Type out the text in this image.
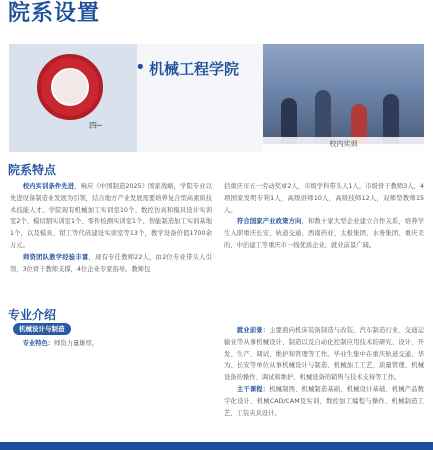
院系设置
四─
• 机械工程学院
校内实训
院系特点

　　校内实训条件先进，响应《中国制造2025》国家战略，学院专业以先进设备制造业发展为引领，结合地方产业发展需要培养复合型高素质技术技能人才。学院现有机械加工实训室10个、数控仿真和模具设计实训室2个、模切割实训室1个、零件检测实训室1个、智能制造加工实训基地1个，以及模具、钳工等代码建设实训室等13个，教学设备价值1700余万元。

　　师资团队教学经验丰富，现有专任教师22人，由2位专业带头人引领，3位骨干教师支撑，4位企业专家指导。教师包

括重庆市五一劳动奖章2人，市级学科带头人1人，市级骨干教师3人，4项国家发明专利1人，高级讲师10人，高级技师12人，双师型教师15人。

　　符合国家产业政策方向，和数十家大型企业建立合作关系，培养学生入职重庆长安、轨道交通、西南药业、太极集团、水务集团、重庆美的、中治建工等重庆市一线优质企业，就业前景广阔。

专业介绍
机械设计与制造

　　专业特色：师资力量雄厚，

　　就业前景：主要面向机床装备制造与改装、汽车制造行业、交通运输业等从事机械设计、制造以及自动化控制应用技术的研究、设计、开发、生产、调试、维护和管理等工作。毕业生集中在重庆轨道交通、华为、长安等单位从事机械设计与制造、机械加工工艺、质量管理、机械设备的操作、调试和维护、机械设备的销售与技术支持等工作。

　　主干课程：机械制图、机械制造基础、机械设计基础、机械产品数字化设计、机械CAD/CAM及实训、数控加工编程与操作、机械制造工艺、工装夹具设计。
